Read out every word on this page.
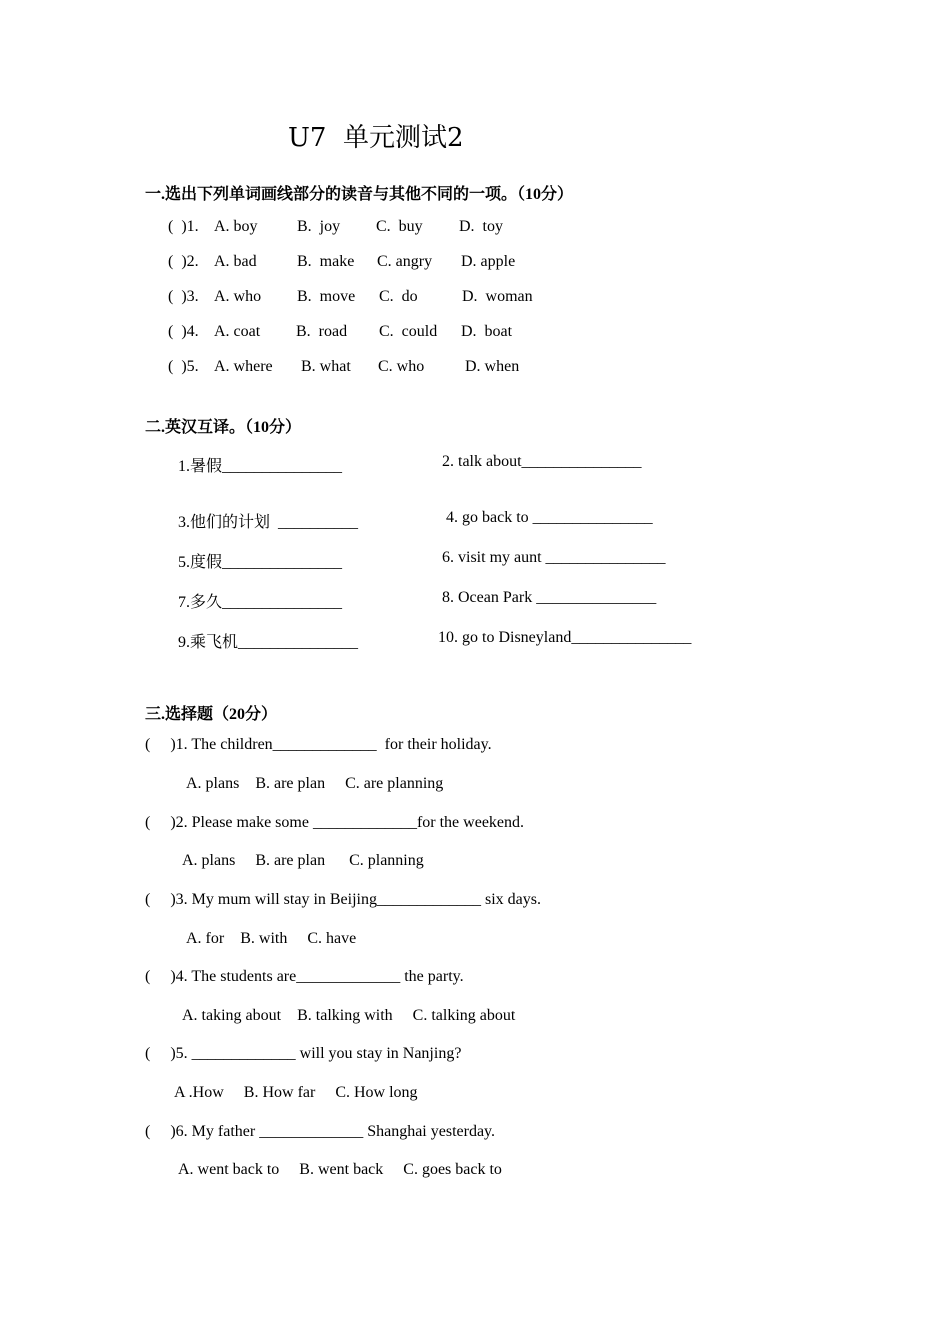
U7  单元测试2
一.选出下列单词画线部分的读音与其他不同的一项。（10分）
(  )1. A. boy B.  joy C.  buy D.  toy
(  )2. A. bad	B.  make C. angry D. apple
(  )3. A. who B.  move C.  do	D.  woman
(  )4. A. coat B.  road C.  could D.  boat
(  )5. A. where B. what C. who	D. when
二.英汉互译。（10分）
1.暑假_______________	2. talk about_______________
3.他们的计划  __________	4. go back to _______________
5.度假_______________	6. visit my aunt _______________
7.多久_______________	8. Ocean Park _______________
9.乘飞机_______________	10. go to Disneyland_______________
三.选择题（20分）
(     )1. The children_____________  for their holiday.
A. plans    B. are plan     C. are planning
(     )2. Please make some _____________for the weekend.
A. plans     B. are plan      C. planning
(     )3. My mum will stay in Beijing_____________ six days.
A. for    B. with     C. have
(     )4. The students are_____________ the party.
A. taking about    B. talking with     C. talking about
(     )5. _____________ will you stay in Nanjing?
A .How     B. How far     C. How long
(     )6. My father _____________ Shanghai yesterday.
A. went back to     B. went back     C. goes back to
